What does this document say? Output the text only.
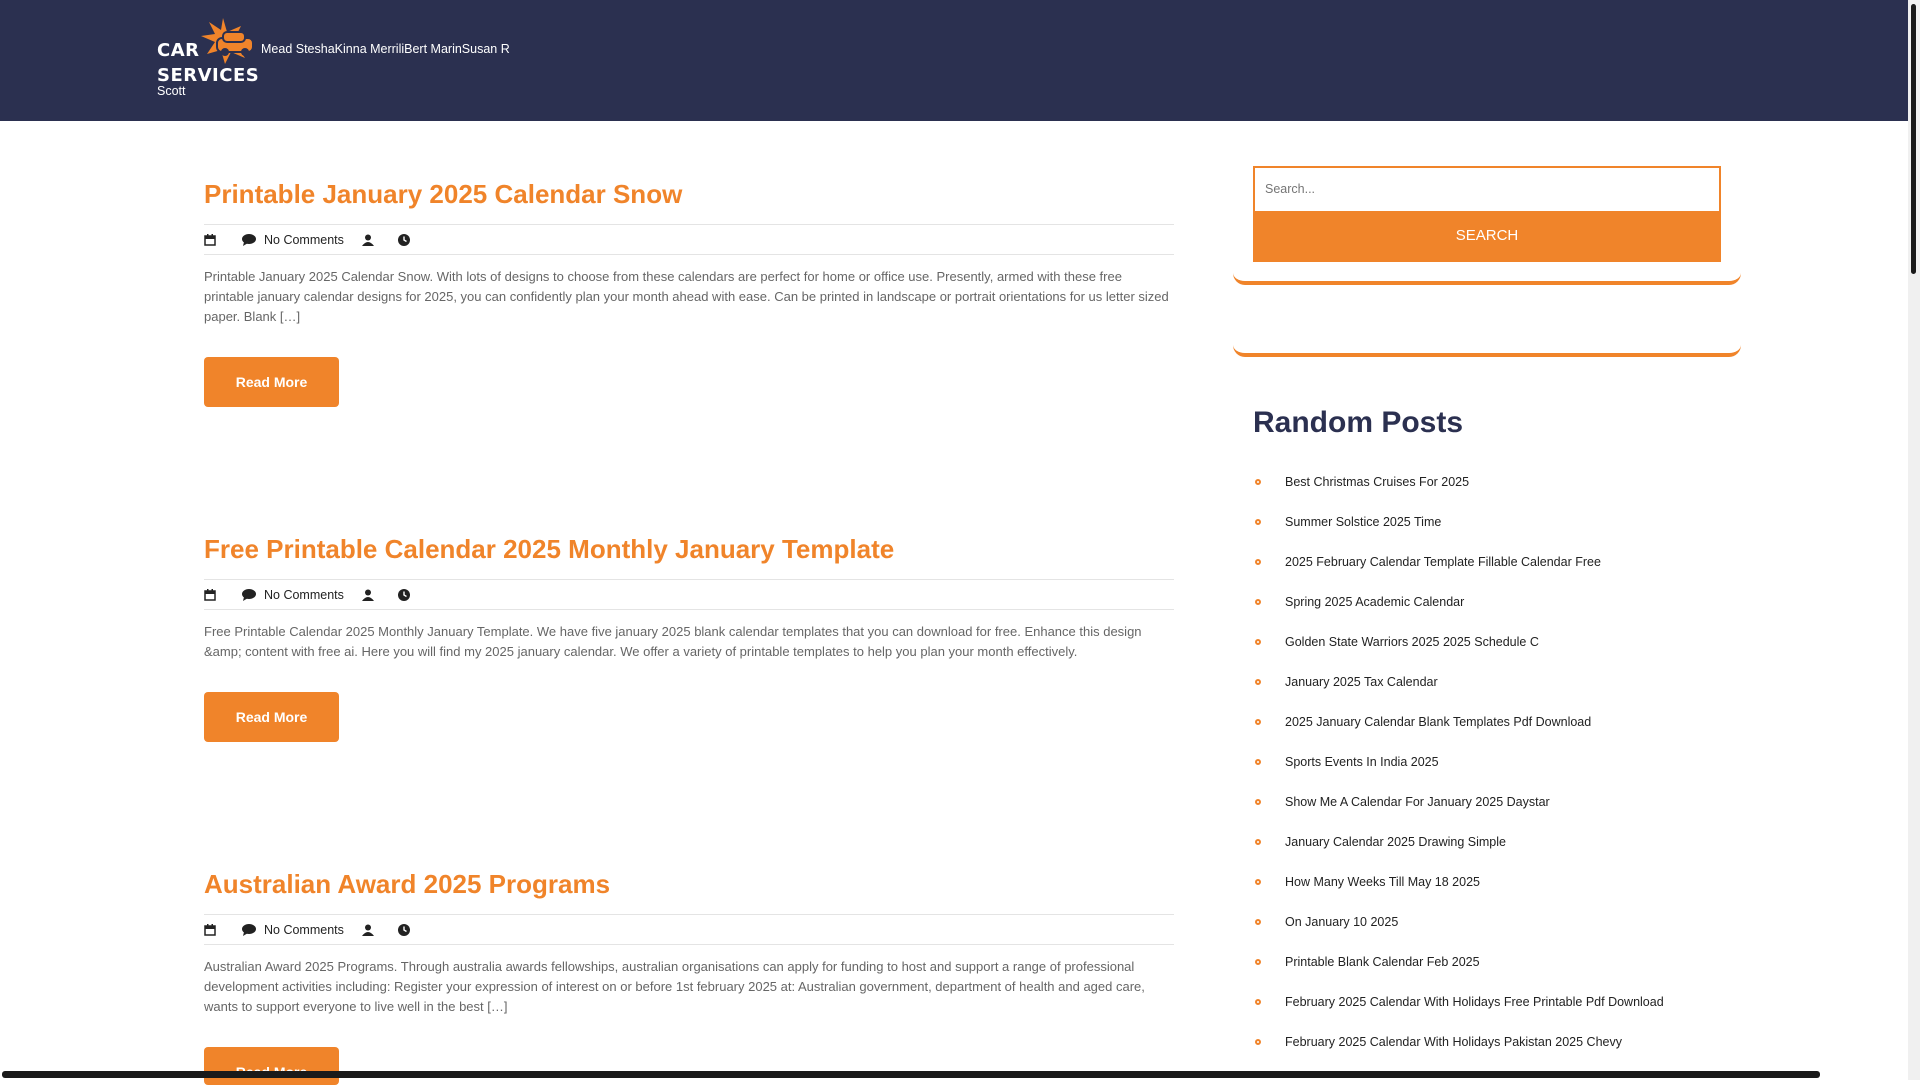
CAR
SERVICES
Mead Stesha Kinna Merrili Bert Marin Susan R
Scott
Printable January 2025 Calendar Snow
No Comments
Printable January 2025 Calendar Snow. With lots of designs to choose from these calendars are perfect for home or office use. Presently, armed with these free printable january calendar designs for 2025, you can confidently plan your month ahead with ease. Can be printed in landscape or portrait orientations for us letter sized paper. Blank […]
Read More
Free Printable Calendar 2025 Monthly January Template
No Comments
Free Printable Calendar 2025 Monthly January Template. We have five january 2025 blank calendar templates that you can download for free. Enhance this design &amp; content with free ai. Here you will find my 2025 january calendar. We offer a variety of printable templates to help you plan your month effectively.
Read More
Australian Award 2025 Programs
No Comments
Australian Award 2025 Programs. Through australia awards fellowships, australian organisations can apply for funding to host and support a range of professional development activities including: Register your expression of interest on or before 1st february 2025 at: Australian government, department of health and aged care, wants to support everyone to live well in the best […]
Search...
SEARCH
Random Posts
Best Christmas Cruises For 2025
Summer Solstice 2025 Time
2025 February Calendar Template Fillable Calendar Free
Spring 2025 Academic Calendar
Golden State Warriors 2025 2025 Schedule C
January 2025 Tax Calendar
2025 January Calendar Blank Templates Pdf Download
Sports Events In India 2025
Show Me A Calendar For January 2025 Daystar
January Calendar 2025 Drawing Simple
How Many Weeks Till May 18 2025
On January 10 2025
Printable Blank Calendar Feb 2025
February 2025 Calendar With Holidays Free Printable Pdf Download
February 2025 Calendar With Holidays Pakistan 2025 Chevy
